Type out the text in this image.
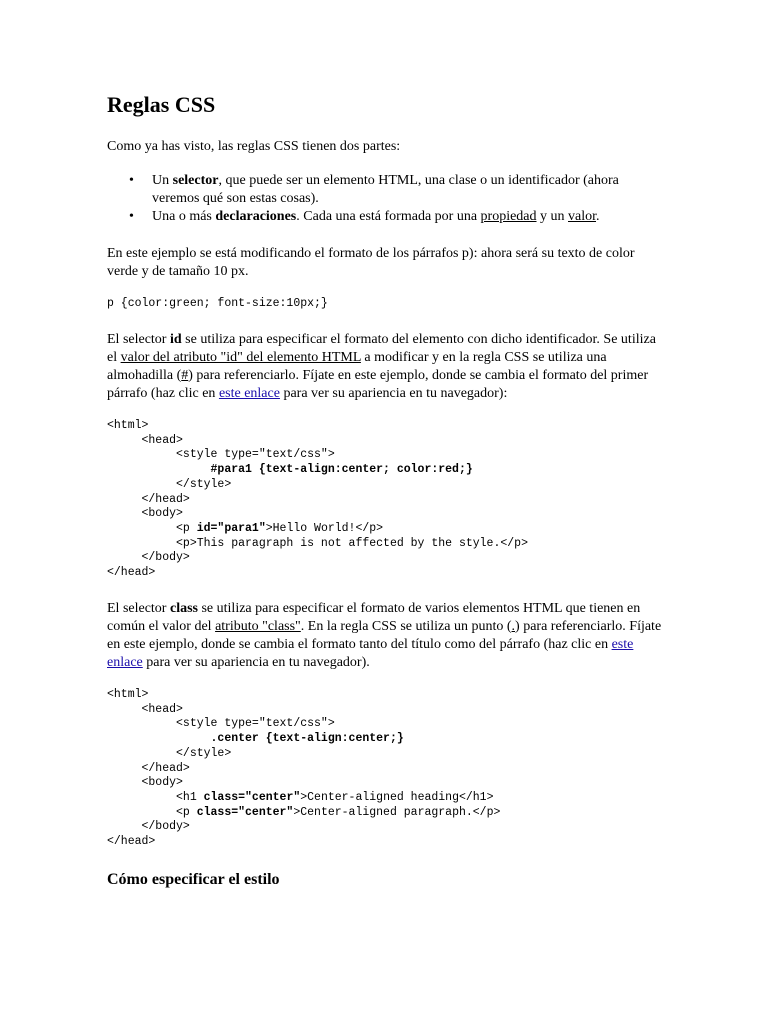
Reglas CSS

Como ya has visto, las reglas CSS tienen dos partes:

• Un selector, que puede ser un elemento HTML, una clase o un identificador (ahora veremos qué son estas cosas).
• Una o más declaraciones. Cada una está formada por una propiedad y un valor.

En este ejemplo se está modificando el formato de los párrafos p): ahora será su texto de color verde y de tamaño 10 px.

p {color:green; font-size:10px;}

El selector id se utiliza para especificar el formato del elemento con dicho identificador. Se utiliza el valor del atributo "id" del elemento HTML a modificar y en la regla CSS se utiliza una almohadilla (#) para referenciarlo. Fíjate en este ejemplo, donde se cambia el formato del primer párrafo (haz clic en este enlace para ver su apariencia en tu navegador):

<html>
<head>
<style type="text/css">
#para1 {text-align:center; color:red;}
</style>
</head>
<body>
<p id="para1">Hello World!</p>
<p>This paragraph is not affected by the style.</p>
</body>
</head>

El selector class se utiliza para especificar el formato de varios elementos HTML que tienen en común el valor del atributo "class". En la regla CSS se utiliza un punto (.) para referenciarlo. Fíjate en este ejemplo, donde se cambia el formato tanto del título como del párrafo (haz clic en este enlace para ver su apariencia en tu navegador).

<html>
<head>
<style type="text/css">
.center {text-align:center;}
</style>
</head>
<body>
<h1 class="center">Center-aligned heading</h1>
<p class="center">Center-aligned paragraph.</p>
</body>
</head>
Cómo especificar el estilo
